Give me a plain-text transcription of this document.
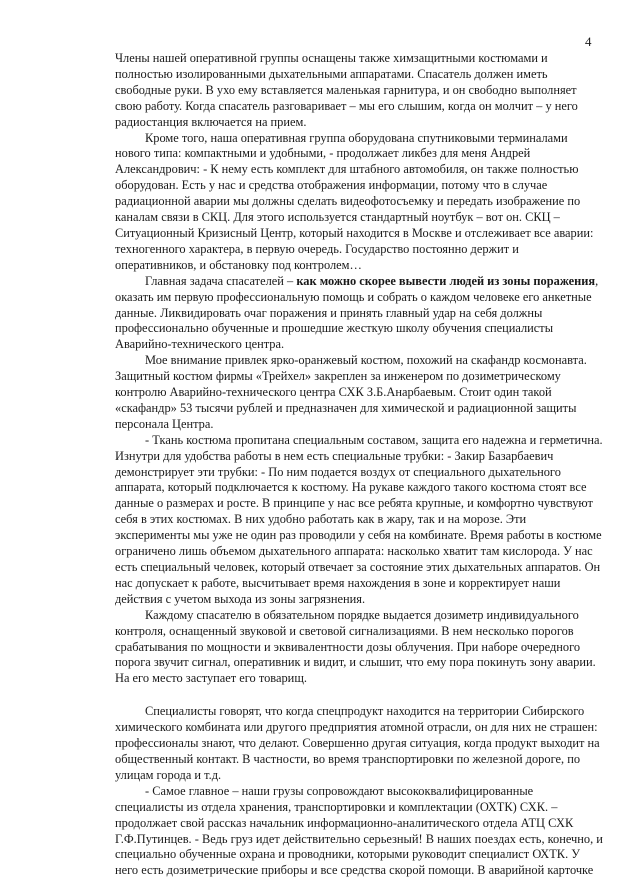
4

Члены нашей оперативной группы оснащены также химзащитными костюмами и полностью изолированными дыхательными аппаратами. Спасатель должен иметь свободные руки. В ухо ему вставляется маленькая гарнитура, и он свободно выполняет свою работу. Когда спасатель разговаривает – мы его слышим, когда он молчит – у него радиостанция включается на прием.

Кроме того, наша оперативная группа оборудована спутниковыми терминалами нового типа: компактными и удобными, - продолжает ликбез для меня Андрей Александрович: - К нему есть комплект для штабного автомобиля, он также полностью оборудован. Есть у нас и средства отображения информации, потому что в случае радиационной аварии мы должны сделать видеофотосъемку и передать изображение по каналам связи в СКЦ. Для этого используется стандартный ноутбук – вот он. СКЦ – Ситуационный Кризисный Центр, который находится в Москве и отслеживает все аварии: техногенного характера, в первую очередь. Государство постоянно держит и оперативников, и обстановку под контролем…

Главная задача спасателей – как можно скорее вывести людей из зоны поражения, оказать им первую профессиональную помощь и собрать о каждом человеке его анкетные данные. Ликвидировать очаг поражения и принять главный удар на себя должны профессионально обученные и прошедшие жесткую школу обучения специалисты Аварийно-технического центра.

Мое внимание привлек ярко-оранжевый костюм, похожий на скафандр космонавта. Защитный костюм фирмы «Трейхел» закреплен за инженером по дозиметрическому контролю Аварийно-технического центра СХК З.Б.Анарбаевым. Стоит один такой «скафандр» 53 тысячи рублей и предназначен для химической и радиационной защиты персонала Центра.

- Ткань костюма пропитана специальным составом, защита его надежна и герметична. Изнутри для удобства работы в нем есть специальные трубки: - Закир Базарбаевич демонстрирует эти трубки: - По ним подается воздух от специального дыхательного аппарата, который подключается к костюму. На рукаве каждого такого костюма стоят все данные о размерах и росте. В принципе у нас все ребята крупные, и комфортно чувствуют себя в этих костюмах. В них удобно работать как в жару, так и на морозе. Эти эксперименты мы уже не один раз проводили у себя на комбинате. Время работы в костюме ограничено лишь объемом дыхательного аппарата: насколько хватит там кислорода. У нас есть специальный человек, который отвечает за состояние этих дыхательных аппаратов. Он нас допускает к работе, высчитывает время нахождения в зоне и корректирует наши действия с учетом выхода из зоны загрязнения.

Каждому спасателю в обязательном порядке выдается дозиметр индивидуального контроля, оснащенный звуковой и световой сигнализациями. В нем несколько порогов срабатывания по мощности и эквивалентности дозы облучения. При наборе очередного порога звучит сигнал, оперативник и видит, и слышит, что ему пора покинуть зону аварии. На его место заступает его товарищ.

Специалисты говорят, что когда спецпродукт находится на территории Сибирского химического комбината или другого предприятия атомной отрасли, он для них не страшен: профессионалы знают, что делают. Совершенно другая ситуация, когда продукт выходит на общественный контакт. В частности, во время транспортировки по железной дороге, по улицам города и т.д.

- Самое главное – наши грузы сопровождают высококвалифицированные специалисты из отдела хранения, транспортировки и комплектации (ОХТК) СХК. – продолжает свой рассказ начальник информационно-аналитического отдела АТЦ СХК Г.Ф.Путинцев. - Ведь груз идет действительно серьезный! В наших поездах есть, конечно, и специально обученные охрана и проводники, которыми руководит специалист ОХТК. У него есть дозиметрические приборы и все средства скорой помощи. В аварийной карточке
